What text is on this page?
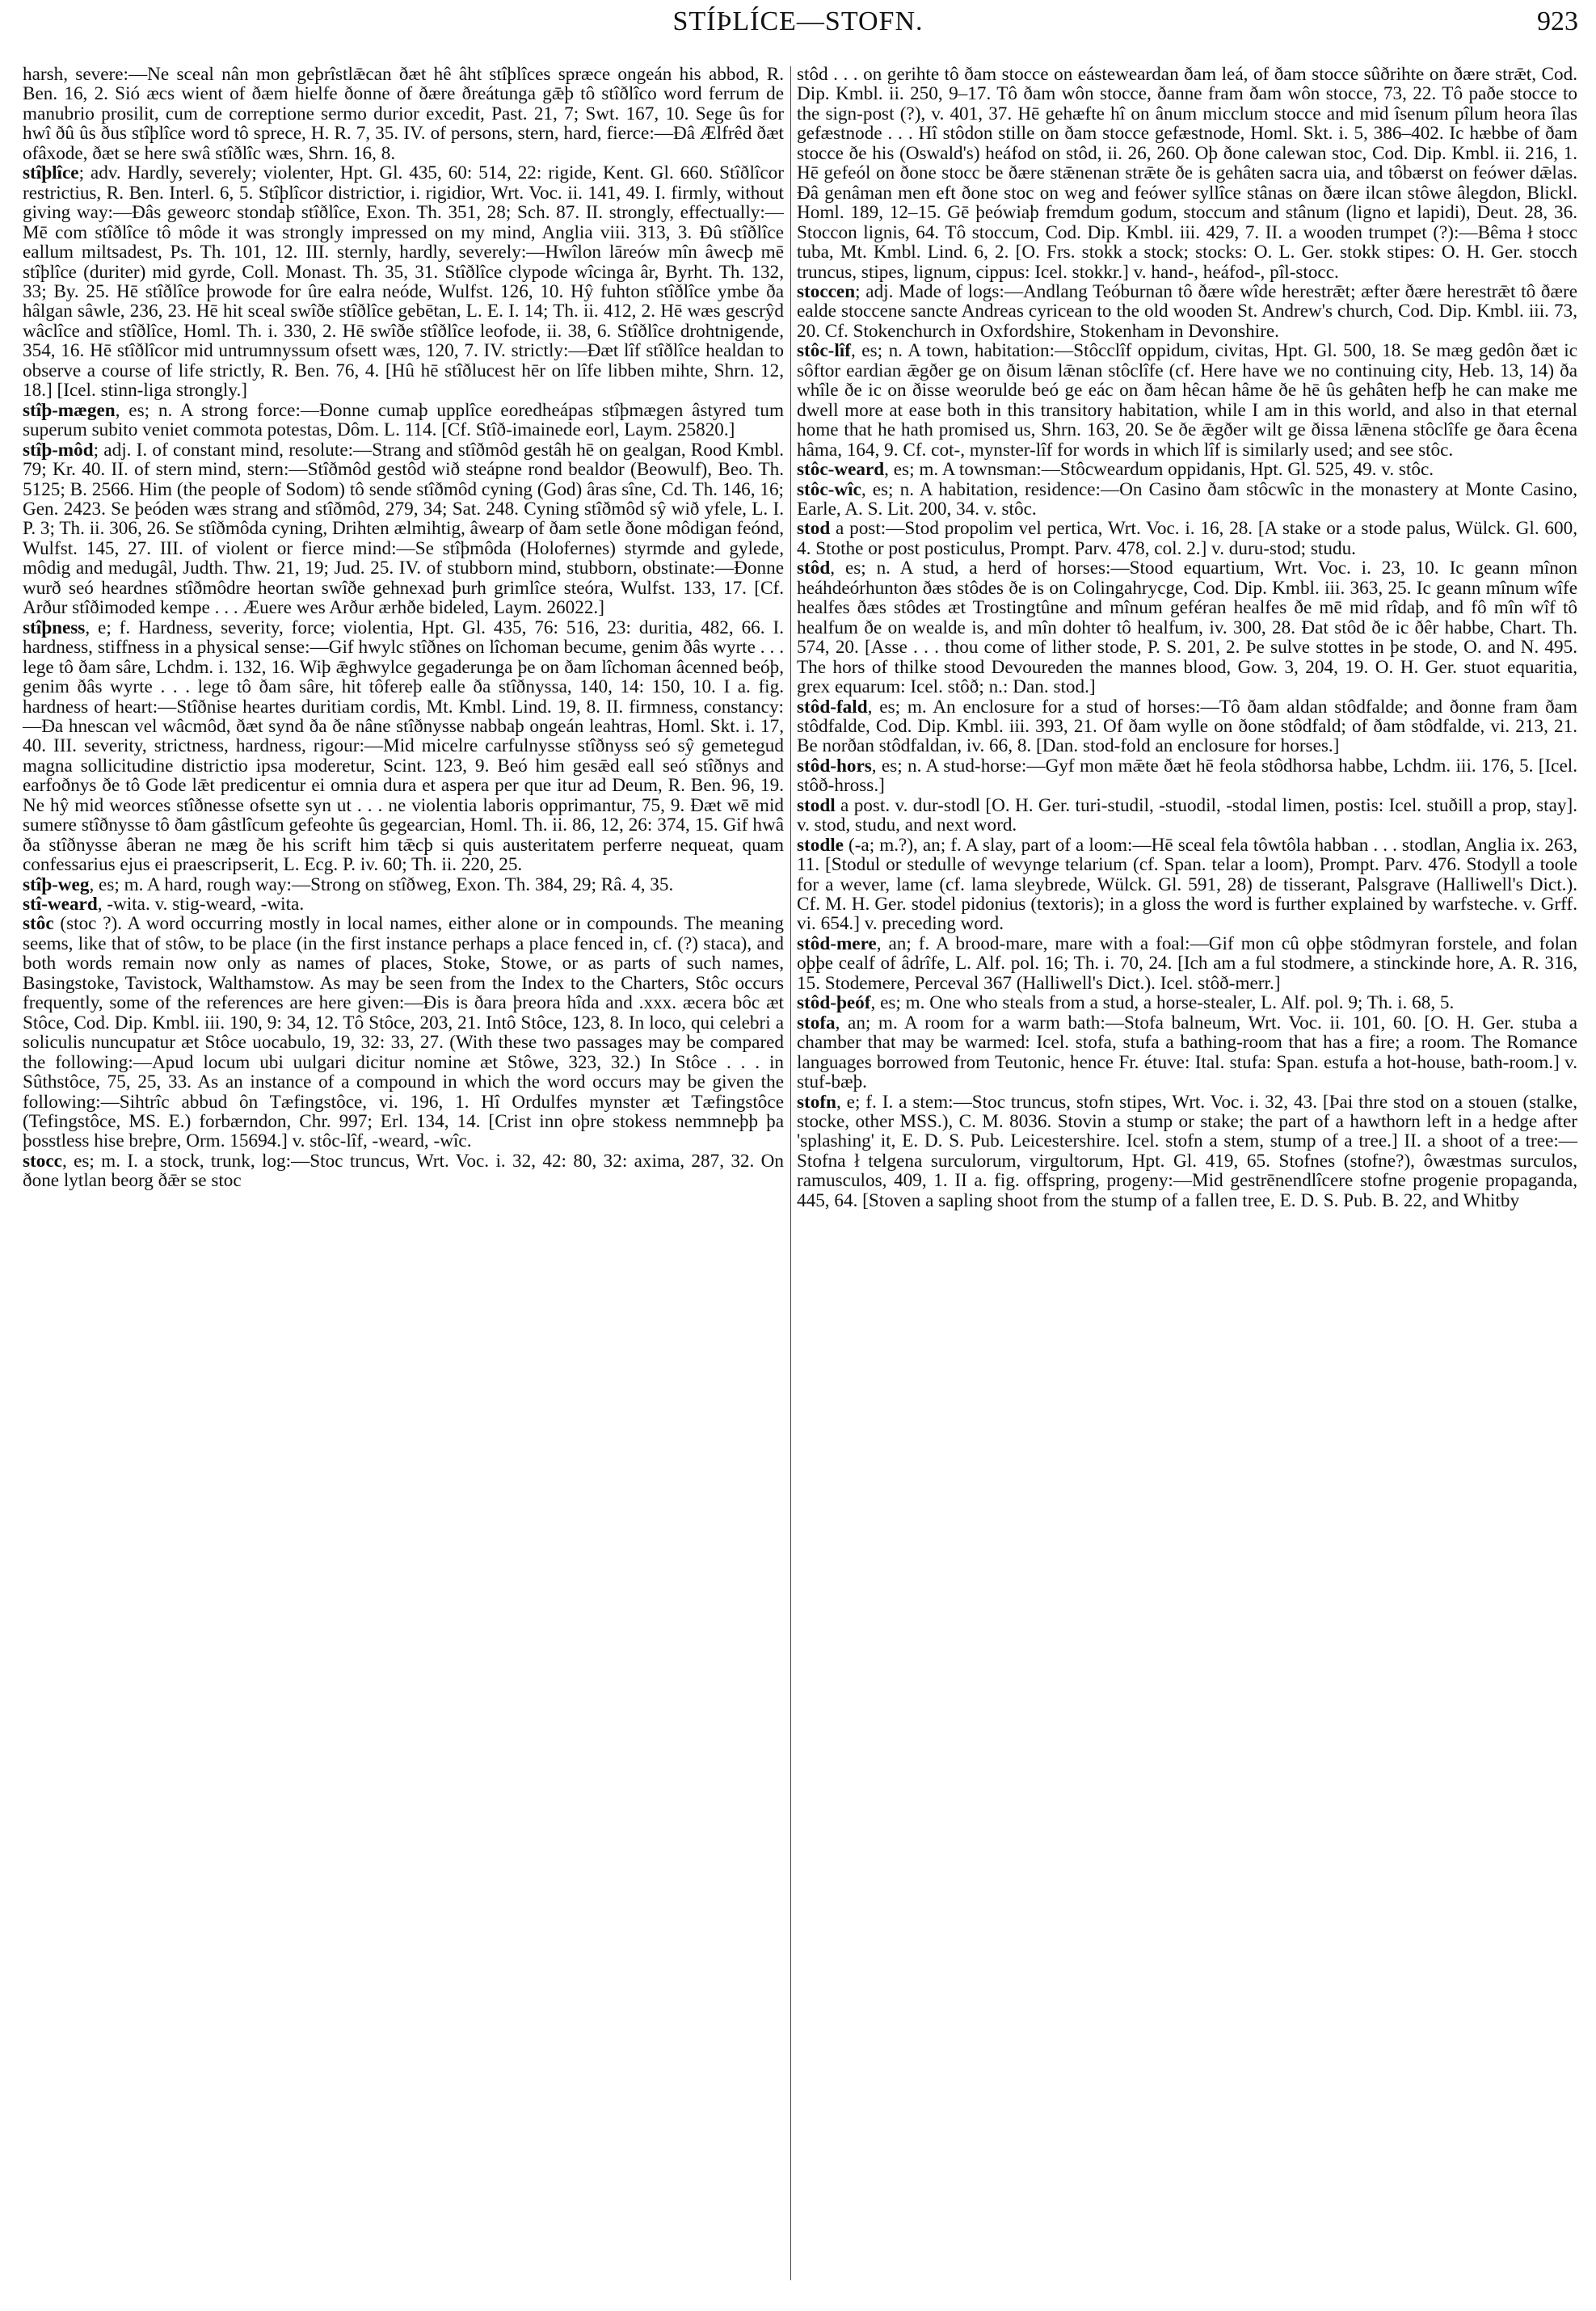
STÍÞLÍCE—STOFN.	923

harsh, severe:—Ne sceal nân mon geþrîstlǣcan ðæt hê âht stîþlîces spræce ongeán his abbod, R. Ben. 16, 2. Sió æcs wient of ðæm hielfe ðonne of ðære ðreátunga gǣþ tô stîðlîco word ferrum de manubrio prosilit, cum de correptione sermo durior excedit, Past. 21, 7; Swt. 167, 10. Sege ûs for hwî ðû ûs ðus stîþlîce word tô sprece, H. R. 7, 35. IV. of persons, stern, hard, fierce:—Ðâ Ælfrêd ðæt ofâxode, ðæt se here swâ stîðlîc wæs, Shrn. 16, 8.

stîþlîce; adv. Hardly, severely; violenter, Hpt. Gl. 435, 60: 514, 22: rigide, Kent. Gl. 660. Stîðlîcor restrictius, R. Ben. Interl. 6, 5. Stîþlîcor districtior, i. rigidior, Wrt. Voc. ii. 141, 49. I. firmly, without giving way:—Ðâs geweorc stondaþ stîðlîce, Exon. Th. 351, 28; Sch. 87. II. strongly, effectually:—Mē com stîðlîce tô môde it was strongly impressed on my mind, Anglia viii. 313, 3. Ðû stîðlîce eallum miltsadest, Ps. Th. 101, 12. III. sternly, hardly, severely:—Hwîlon lāreów mîn âwecþ mē stîþlîce (duriter) mid gyrde, Coll. Monast. Th. 35, 31. Stîðlîce clypode wîcinga âr, Byrht. Th. 132, 33; By. 25. Hē stîðlîce þrowode for ûre ealra neóde, Wulfst. 126, 10. Hŷ fuhton stîðlîce ymbe ða hâlgan sâwle, 236, 23. Hē hit sceal swîðe stîðlîce gebētan, L. E. I. 14; Th. ii. 412, 2. Hē wæs gescrŷd wâclîce and stîðlîce, Homl. Th. i. 330, 2. Hē swîðe stîðlîce leofode, ii. 38, 6. Stîðlîce drohtnigende, 354, 16. Hē stîðlîcor mid untrumnyssum ofsett wæs, 120, 7. IV. strictly:—Ðæt lîf stîðlîce healdan to observe a course of life strictly, R. Ben. 76, 4. [Hû hē stîðlucest hēr on lîfe libben mihte, Shrn. 12, 18.] [Icel. stinn-liga strongly.]

stîþ-mægen, es; n. A strong force:—Ðonne cumaþ upplîce eoredheápas stîþmægen âstyred tum superum subito veniet commota potestas, Dôm. L. 114. [Cf. Stîð-imainede eorl, Laym. 25820.]

stîþ-môd; adj. I. of constant mind, resolute:—Strang and stîðmôd gestâh hē on gealgan, Rood Kmbl. 79; Kr. 40. II. of stern mind, stern:—Stîðmôd gestôd wið steápne rond bealdor (Beowulf), Beo. Th. 5125; B. 2566. Him (the people of Sodom) tô sende stîðmôd cyning (God) âras sîne, Cd. Th. 146, 16; Gen. 2423. Se þeóden wæs strang and stîðmôd, 279, 34; Sat. 248. Cyning stîðmôd sŷ wið yfele, L. I. P. 3; Th. ii. 306, 26. Se stîðmôda cyning, Drihten ælmihtig, âwearp of ðam setle ðone môdigan feónd, Wulfst. 145, 27. III. of violent or fierce mind:—Se stîþmôda (Holofernes) styrmde and gylede, môdig and medugâl, Judth. Thw. 21, 19; Jud. 25. IV. of stubborn mind, stubborn, obstinate:—Ðonne wurð seó heardnes stîðmôdre heortan swîðe gehnexad þurh grimlîce steóra, Wulfst. 133, 17. [Cf. Arður stîðimoded kempe . . . Æuere wes Arður ærhðe bideled, Laym. 26022.]

stîþness, e; f. Hardness, severity, force; violentia, Hpt. Gl. 435, 76: 516, 23: duritia, 482, 66. I. hardness, stiffness in a physical sense:—Gif hwylc stîðnes on lîchoman becume, genim ðâs wyrte . . . lege tô ðam sâre, Lchdm. i. 132, 16. Wiþ ǣghwylce gegaderunga þe on ðam lîchoman âcenned beóþ, genim ðâs wyrte . . . lege tô ðam sâre, hit tôfereþ ealle ða stîðnyssa, 140, 14: 150, 10. I a. fig. hardness of heart:—Stîðnise heartes duritiam cordis, Mt. Kmbl. Lind. 19, 8. II. firmness, constancy:—Ða hnescan vel wâcmôd, ðæt synd ða ðe nâne stîðnysse nabbaþ ongeán leahtras, Homl. Skt. i. 17, 40. III. severity, strictness, hardness, rigour:—Mid micelre carfulnysse stîðnyss seó sŷ gemetegud magna sollicitudine districtio ipsa moderetur, Scint. 123, 9. Beó him gesǣd eall seó stîðnys and earfoðnys ðe tô Gode lǣt predicentur ei omnia dura et aspera per que itur ad Deum, R. Ben. 96, 19. Ne hŷ mid weorces stîðnesse ofsette syn ut . . . ne violentia laboris opprimantur, 75, 9. Ðæt wē mid sumere stîðnysse tô ðam gâstlîcum gefeohte ûs gegearcian, Homl. Th. ii. 86, 12, 26: 374, 15. Gif hwâ ða stîðnysse âberan ne mæg ðe his scrift him tǣcþ si quis austeritatem perferre nequeat, quam confessarius ejus ei praescripserit, L. Ecg. P. iv. 60; Th. ii. 220, 25.

stîþ-weg, es; m. A hard, rough way:—Strong on stîðweg, Exon. Th. 384, 29; Râ. 4, 35.

stî-weard, -wita. v. stig-weard, -wita.

stôc (stoc ?). A word occurring mostly in local names, either alone or in compounds. The meaning seems, like that of stôw, to be place (in the first instance perhaps a place fenced in, cf. (?) staca), and both words remain now only as names of places, Stoke, Stowe, or as parts of such names, Basingstoke, Tavistock, Walthamstow. As may be seen from the Index to the Charters, Stôc occurs frequently, some of the references are here given:—Ðis is ðara þreora hîda and .xxx. æcera bôc æt Stôce, Cod. Dip. Kmbl. iii. 190, 9: 34, 12. Tô Stôce, 203, 21. Intô Stôce, 123, 8. In loco, qui celebri a soliculis nuncupatur æt Stôce uocabulo, 19, 32: 33, 27. (With these two passages may be compared the following:—Apud locum ubi uulgari dicitur nomine æt Stôwe, 323, 32.) In Stôce . . . in Sûthstôce, 75, 25, 33. As an instance of a compound in which the word occurs may be given the following:—Sihtrîc abbud ôn Tæfingstôce, vi. 196, 1. Hî Ordulfes mynster æt Tæfingstôce (Tefingstôce, MS. E.) forbærndon, Chr. 997; Erl. 134, 14. [Crist inn oþre stokess nemmneþþ þa þosstless hise breþre, Orm. 15694.] v. stôc-lîf, -weard, -wîc.

stocc, es; m. I. a stock, trunk, log:—Stoc truncus, Wrt. Voc. i. 32, 42: 80, 32: axima, 287, 32. On ðone lytlan beorg ðǣr se stoc

stôd . . . on gerihte tô ðam stocce on eásteweardan ðam leá, of ðam stocce sûðrihte on ðære strǣt, Cod. Dip. Kmbl. ii. 250, 9–17. Tô ðam wôn stocce, ðanne fram ðam wôn stocce, 73, 22. Tô paðe stocce to the sign-post (?), v. 401, 37. Hē gehæfte hî on ânum micclum stocce and mid îsenum pîlum heora îlas gefæstnode . . . Hî stôdon stille on ðam stocce gefæstnode, Homl. Skt. i. 5, 386–402. Ic hæbbe of ðam stocce ðe his (Oswald's) heáfod on stôd, ii. 26, 260. Oþ ðone calewan stoc, Cod. Dip. Kmbl. ii. 216, 1. Hē gefeól on ðone stocc be ðære stǣnenan strǣte ðe is gehâten sacra uia, and tôbærst on feówer dǣlas. Ðâ genâman men eft ðone stoc on weg and feówer syllîce stânas on ðære ilcan stôwe âlegdon, Blickl. Homl. 189, 12–15. Gē þeówiaþ fremdum godum, stoccum and stânum (ligno et lapidi), Deut. 28, 36. Stoccon lignis, 64. Tô stoccum, Cod. Dip. Kmbl. iii. 429, 7. II. a wooden trumpet (?):—Bêma ł stocc tuba, Mt. Kmbl. Lind. 6, 2. [O. Frs. stokk a stock; stocks: O. L. Ger. stokk stipes: O. H. Ger. stocch truncus, stipes, lignum, cippus: Icel. stokkr.] v. hand-, heáfod-, pîl-stocc.

stoccen; adj. Made of logs:—Andlang Teóburnan tô ðære wîde herestrǣt; æfter ðære herestrǣt tô ðære ealde stoccene sancte Andreas cyricean to the old wooden St. Andrew's church, Cod. Dip. Kmbl. iii. 73, 20. Cf. Stokenchurch in Oxfordshire, Stokenham in Devonshire.

stôc-lîf, es; n. A town, habitation:—Stôcclîf oppidum, civitas, Hpt. Gl. 500, 18. Se mæg gedôn ðæt ic sôftor eardian ǣgðer ge on ðisum lǣnan stôclîfe (cf. Here have we no continuing city, Heb. 13, 14) ða whîle ðe ic on ðisse weorulde beó ge eác on ðam hêcan hâme ðe hē ûs gehâten hefþ he can make me dwell more at ease both in this transitory habitation, while I am in this world, and also in that eternal home that he hath promised us, Shrn. 163, 20. Se ðe ǣgðer wilt ge ðissa lǣnena stôclîfe ge ðara êcena hâma, 164, 9. Cf. cot-, mynster-lîf for words in which lîf is similarly used; and see stôc.

stôc-weard, es; m. A townsman:—Stôcweardum oppidanis, Hpt. Gl. 525, 49. v. stôc.

stôc-wîc, es; n. A habitation, residence:—On Casino ðam stôcwîc in the monastery at Monte Casino, Earle, A. S. Lit. 200, 34. v. stôc.

stod a post:—Stod propolim vel pertica, Wrt. Voc. i. 16, 28. [A stake or a stode palus, Wülck. Gl. 600, 4. Stothe or post posticulus, Prompt. Parv. 478, col. 2.] v. duru-stod; studu.

stôd, es; n. A stud, a herd of horses:—Stood equartium, Wrt. Voc. i. 23, 10. Ic geann mînon heáhdeórhunton ðæs stôdes ðe is on Colingahrycge, Cod. Dip. Kmbl. iii. 363, 25. Ic geann mînum wîfe healfes ðæs stôdes æt Trostingtûne and mînum geféran healfes ðe mē mid rîdaþ, and fô mîn wîf tô healfum ðe on wealde is, and mîn dohter tô healfum, iv. 300, 28. Ðat stôd ðe ic ðêr habbe, Chart. Th. 574, 20. [Asse . . . thou come of lither stode, P. S. 201, 2. Þe sulve stottes in þe stode, O. and N. 495. The hors of thilke stood Devoureden the mannes blood, Gow. 3, 204, 19. O. H. Ger. stuot equaritia, grex equarum: Icel. stôð; n.: Dan. stod.]

stôd-fald, es; m. An enclosure for a stud of horses:—Tô ðam aldan stôdfalde; and ðonne fram ðam stôdfalde, Cod. Dip. Kmbl. iii. 393, 21. Of ðam wylle on ðone stôdfald; of ðam stôdfalde, vi. 213, 21. Be norðan stôdfaldan, iv. 66, 8. [Dan. stod-fold an enclosure for horses.]

stôd-hors, es; n. A stud-horse:—Gyf mon mǣte ðæt hē feola stôdhorsa habbe, Lchdm. iii. 176, 5. [Icel. stôð-hross.]

stodl a post. v. dur-stodl [O. H. Ger. turi-studil, -stuodil, -stodal limen, postis: Icel. stuðill a prop, stay]. v. stod, studu, and next word.

stodle (-a; m.?), an; f. A slay, part of a loom:—Hē sceal fela tôwtôla habban . . . stodlan, Anglia ix. 263, 11. [Stodul or stedulle of wevynge telarium (cf. Span. telar a loom), Prompt. Parv. 476. Stodyll a toole for a wever, lame (cf. lama sleybrede, Wülck. Gl. 591, 28) de tisserant, Palsgrave (Halliwell's Dict.). Cf. M. H. Ger. stodel pidonius (textoris); in a gloss the word is further explained by warfsteche. v. Grff. vi. 654.] v. preceding word.

stôd-mere, an; f. A brood-mare, mare with a foal:—Gif mon cû oþþe stôdmyran forstele, and folan oþþe cealf of âdrîfe, L. Alf. pol. 16; Th. i. 70, 24. [Ich am a ful stodmere, a stinckinde hore, A. R. 316, 15. Stodemere, Perceval 367 (Halliwell's Dict.). Icel. stôð-merr.]

stôd-þeóf, es; m. One who steals from a stud, a horse-stealer, L. Alf. pol. 9; Th. i. 68, 5.

stofa, an; m. A room for a warm bath:—Stofa balneum, Wrt. Voc. ii. 101, 60. [O. H. Ger. stuba a chamber that may be warmed: Icel. stofa, stufa a bathing-room that has a fire; a room. The Romance languages borrowed from Teutonic, hence Fr. étuve: Ital. stufa: Span. estufa a hot-house, bath-room.] v. stuf-bæþ.

stofn, e; f. I. a stem:—Stoc truncus, stofn stipes, Wrt. Voc. i. 32, 43. [Þai thre stod on a stouen (stalke, stocke, other MSS.), C. M. 8036. Stovin a stump or stake; the part of a hawthorn left in a hedge after 'splashing' it, E. D. S. Pub. Leicestershire. Icel. stofn a stem, stump of a tree.] II. a shoot of a tree:—Stofna ł telgena surculorum, virgultorum, Hpt. Gl. 419, 65. Stofnes (stofne?), ôwæstmas surculos, ramusculos, 409, 1. II a. fig. offspring, progeny:—Mid gestrēnendlîcere stofne progenie propaganda, 445, 64. [Stoven a sapling shoot from the stump of a fallen tree, E. D. S. Pub. B. 22, and Whitby
